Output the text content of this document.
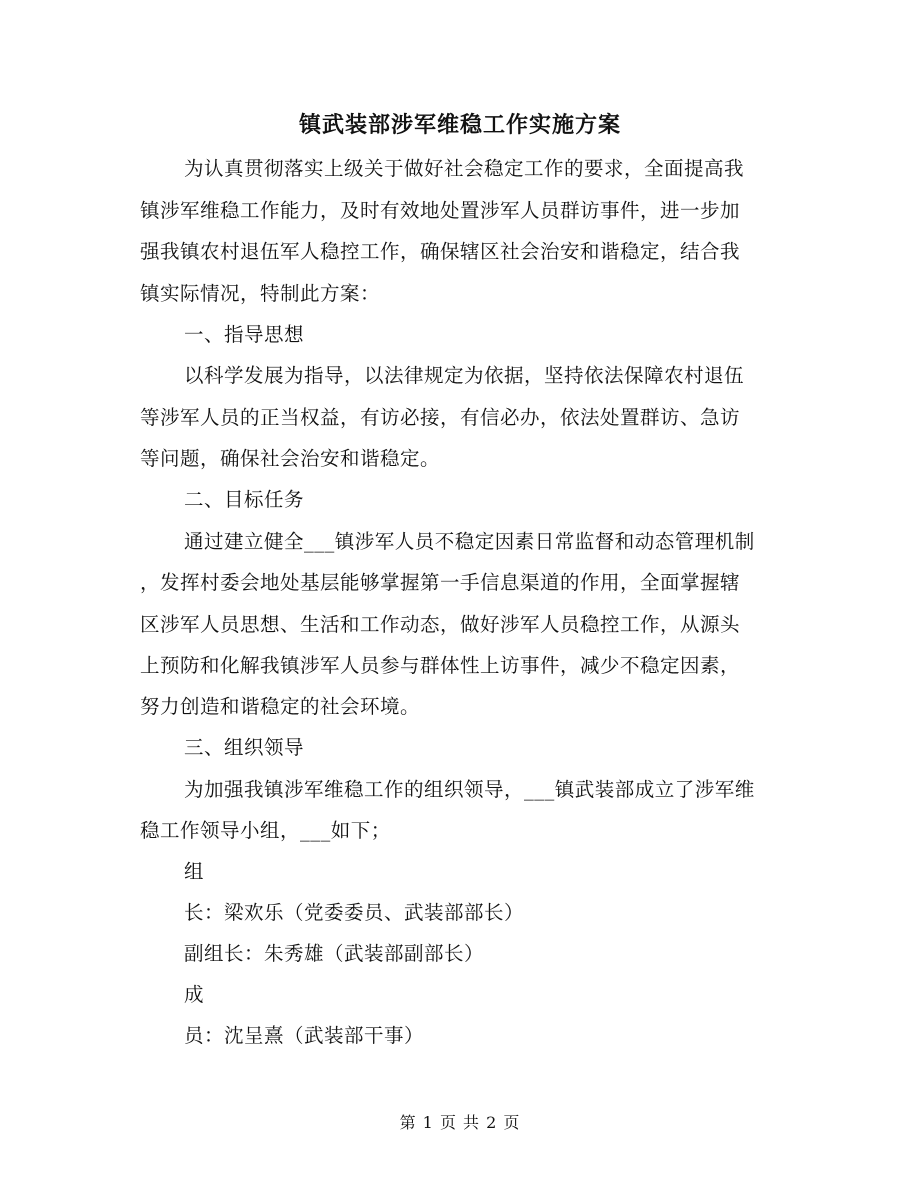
镇武装部涉军维稳工作实施方案
为认真贯彻落实上级关于做好社会稳定工作的要求，全面提高我
镇涉军维稳工作能力，及时有效地处置涉军人员群访事件，进一步加
强我镇农村退伍军人稳控工作，确保辖区社会治安和谐稳定，结合我
镇实际情况，特制此方案：
一、指导思想
以科学发展为指导，以法律规定为依据，坚持依法保障农村退伍
等涉军人员的正当权益，有访必接，有信必办，依法处置群访、急访
等问题，确保社会治安和谐稳定。
二、目标任务
通过建立健全___镇涉军人员不稳定因素日常监督和动态管理机制
，发挥村委会地处基层能够掌握第一手信息渠道的作用，全面掌握辖
区涉军人员思想、生活和工作动态，做好涉军人员稳控工作，从源头
上预防和化解我镇涉军人员参与群体性上访事件，减少不稳定因素，
努力创造和谐稳定的社会环境。
三、组织领导
为加强我镇涉军维稳工作的组织领导，___镇武装部成立了涉军维
稳工作领导小组，___如下；
组
长：梁欢乐（党委委员、武装部部长）
副组长：朱秀雄（武装部副部长）
成
员：沈呈熹（武装部干事）
第 1 页 共 2 页
